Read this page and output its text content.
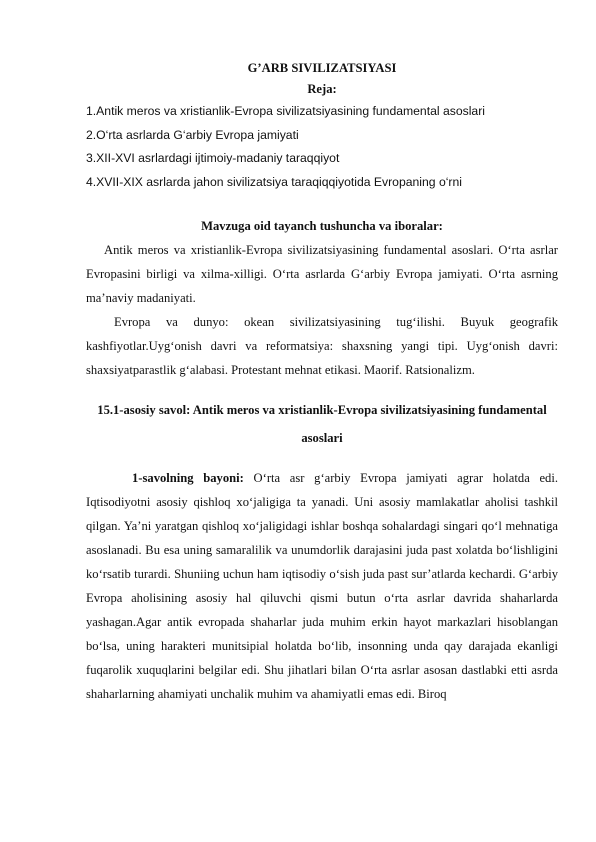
G’ARB SIVILIZATSIYASI

Reja:

1.Antik meros va xristianlik-Evropa sivilizatsiyasining fundamental asoslari

2.O‘rta asrlarda G‘arbiy Evropa jamiyati

3.XII-XVI asrlardagi ijtimoiy-madaniy taraqqiyot

4.XVII-XIX asrlarda jahon sivilizatsiya taraqiqqiyotida Evropaning o‘rni

Mavzuga oid tayanch tushuncha va iboralar:

Antik meros va xristianlik-Evropa sivilizatsiyasining fundamental asoslari. O‘rta asrlar Evropasini birligi va xilma-xilligi. O‘rta asrlarda G‘arbiy Evropa jamiyati. O‘rta asrning ma’naviy madaniyati.

Evropa va dunyo: okean sivilizatsiyasining tug‘ilishi. Buyuk geografik kashfiyotlar.Uyg‘onish davri va reformatsiya: shaxsning yangi tipi. Uyg‘onish davri: shaxsiyatparastlik g‘alabasi. Protestant mehnat etikasi. Maorif. Ratsionalizm.

15.1-asosiy savol: Antik meros va xristianlik-Evropa sivilizatsiyasining fundamental asoslari

1-savolning bayoni: O‘rta asr g‘arbiy Evropa jamiyati agrar holatda edi. Iqtisodiyotni asosiy qishloq xo‘jaligiga ta yanadi. Uni asosiy mamlakatlar aholisi tashkil qilgan. Ya’ni yaratgan qishloq xo‘jaligidagi ishlar boshqa sohalardagi singari qo‘l mehnatiga asoslanadi. Bu esa uning samaralilik va unumdorlik darajasini juda past xolatda bo‘lishligini ko‘rsatib turardi. Shuniing uchun ham iqtisodiy o‘sish juda past sur’atlarda kechardi. G‘arbiy Evropa aholisining asosiy hal qiluvchi qismi butun o‘rta asrlar davrida shaharlarda yashagan.Agar antik evropada shaharlar juda muhim erkin hayot markazlari hisoblangan bo‘lsa, uning harakteri munitsipial holatda bo‘lib, insonning unda qay darajada ekanligi fuqarolik xuquqlarini belgilar edi. Shu jihatlari bilan O‘rta asrlar asosan dastlabki etti asrda shaharlarning ahamiyati unchalik muhim va ahamiyatli emas edi. Biroq
